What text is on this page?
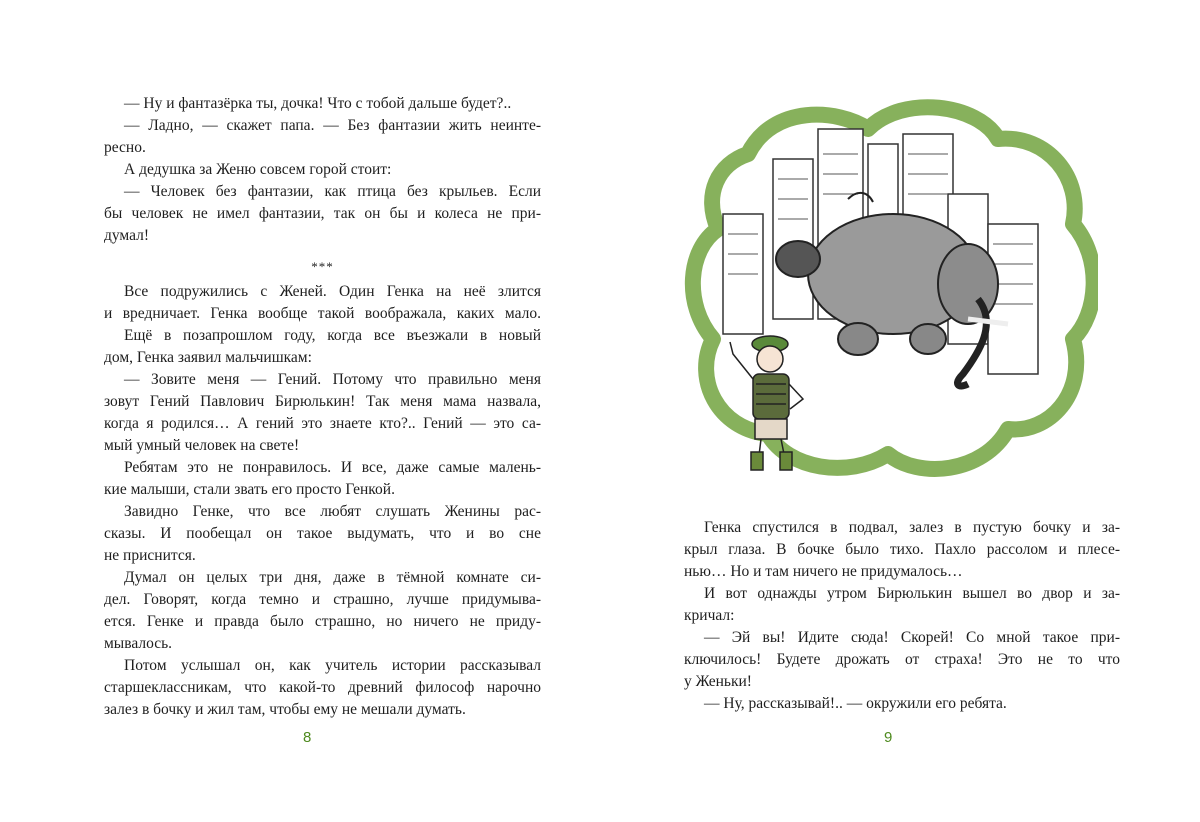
— Ну и фантазёрка ты, дочка! Что с тобой дальше будет?..
— Ладно, — скажет папа. — Без фантазии жить неинте-
ресно.
А дедушка за Женю совсем горой стоит:
— Человек без фантазии, как птица без крыльев. Если
бы человек не имел фантазии, так он бы и колеса не при-
думал!
***
Все подружились с Женей. Один Генка на неё злится
и вредничает. Генка вообще такой воображала, каких мало.
Ещё в позапрошлом году, когда все въезжали в новый
дом, Генка заявил мальчишкам:
— Зовите меня — Гений. Потому что правильно меня
зовут Гений Павлович Бирюлькин! Так меня мама назвала,
когда я родился… А гений это знаете кто?.. Гений — это са-
мый умный человек на свете!
Ребятам это не понравилось. И все, даже самые малень-
кие малыши, стали звать его просто Генкой.
Завидно Генке, что все любят слушать Женины рас-
сказы. И пообещал он такое выдумать, что и во сне
не приснится.
Думал он целых три дня, даже в тёмной комнате си-
дел. Говорят, когда темно и страшно, лучше придумыва-
ется. Генке и правда было страшно, но ничего не приду-
мывалось.
Потом услышал он, как учитель истории рассказывал
старшеклассникам, что какой-то древний философ нарочно
залез в бочку и жил там, чтобы ему не мешали думать.
8
Генка спустился в подвал, залез в пустую бочку и за-
крыл глаза. В бочке было тихо. Пахло рассолом и плесе-
нью… Но и там ничего не придумалось…
И вот однажды утром Бирюлькин вышел во двор и за-
кричал:
— Эй вы! Идите сюда! Скорей! Со мной такое при-
ключилось! Будете дрожать от страха! Это не то что
у Женьки!
— Ну, рассказывай!.. — окружили его ребята.
9
